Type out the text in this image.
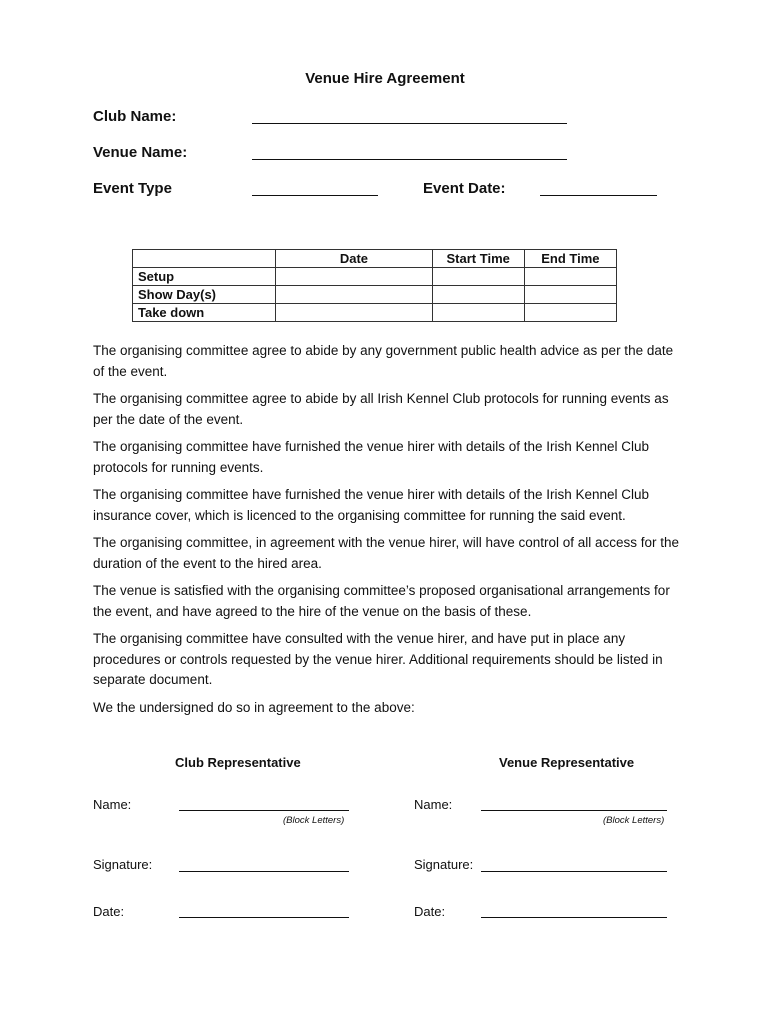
Venue Hire Agreement
Club Name:
Venue Name:
Event Type	Event Date:
	Date	Start Time	End Time
Setup			
Show Day(s)			
Take down			

The organising committee agree to abide by any government public health advice as per the date of the event.

The organising committee agree to abide by all Irish Kennel Club protocols for running events as per the date of the event.

The organising committee have furnished the venue hirer with details of the Irish Kennel Club protocols for running events.

The organising committee have furnished the venue hirer with details of the Irish Kennel Club insurance cover, which is licenced to the organising committee for running the said event.

The organising committee, in agreement with the venue hirer, will have control of all access for the duration of the event to the hired area.

The venue is satisfied with the organising committee’s proposed organisational arrangements for the event, and have agreed to the hire of the venue on the basis of these.

The organising committee have consulted with the venue hirer, and have put in place any procedures or controls requested by the venue hirer. Additional requirements should be listed in separate document.

We the undersigned do so in agreement to the above:

Club Representative	Venue Representative
Name:
(Block Letters)
Name:
(Block Letters)
Signature:	Signature:
Date:	Date:
